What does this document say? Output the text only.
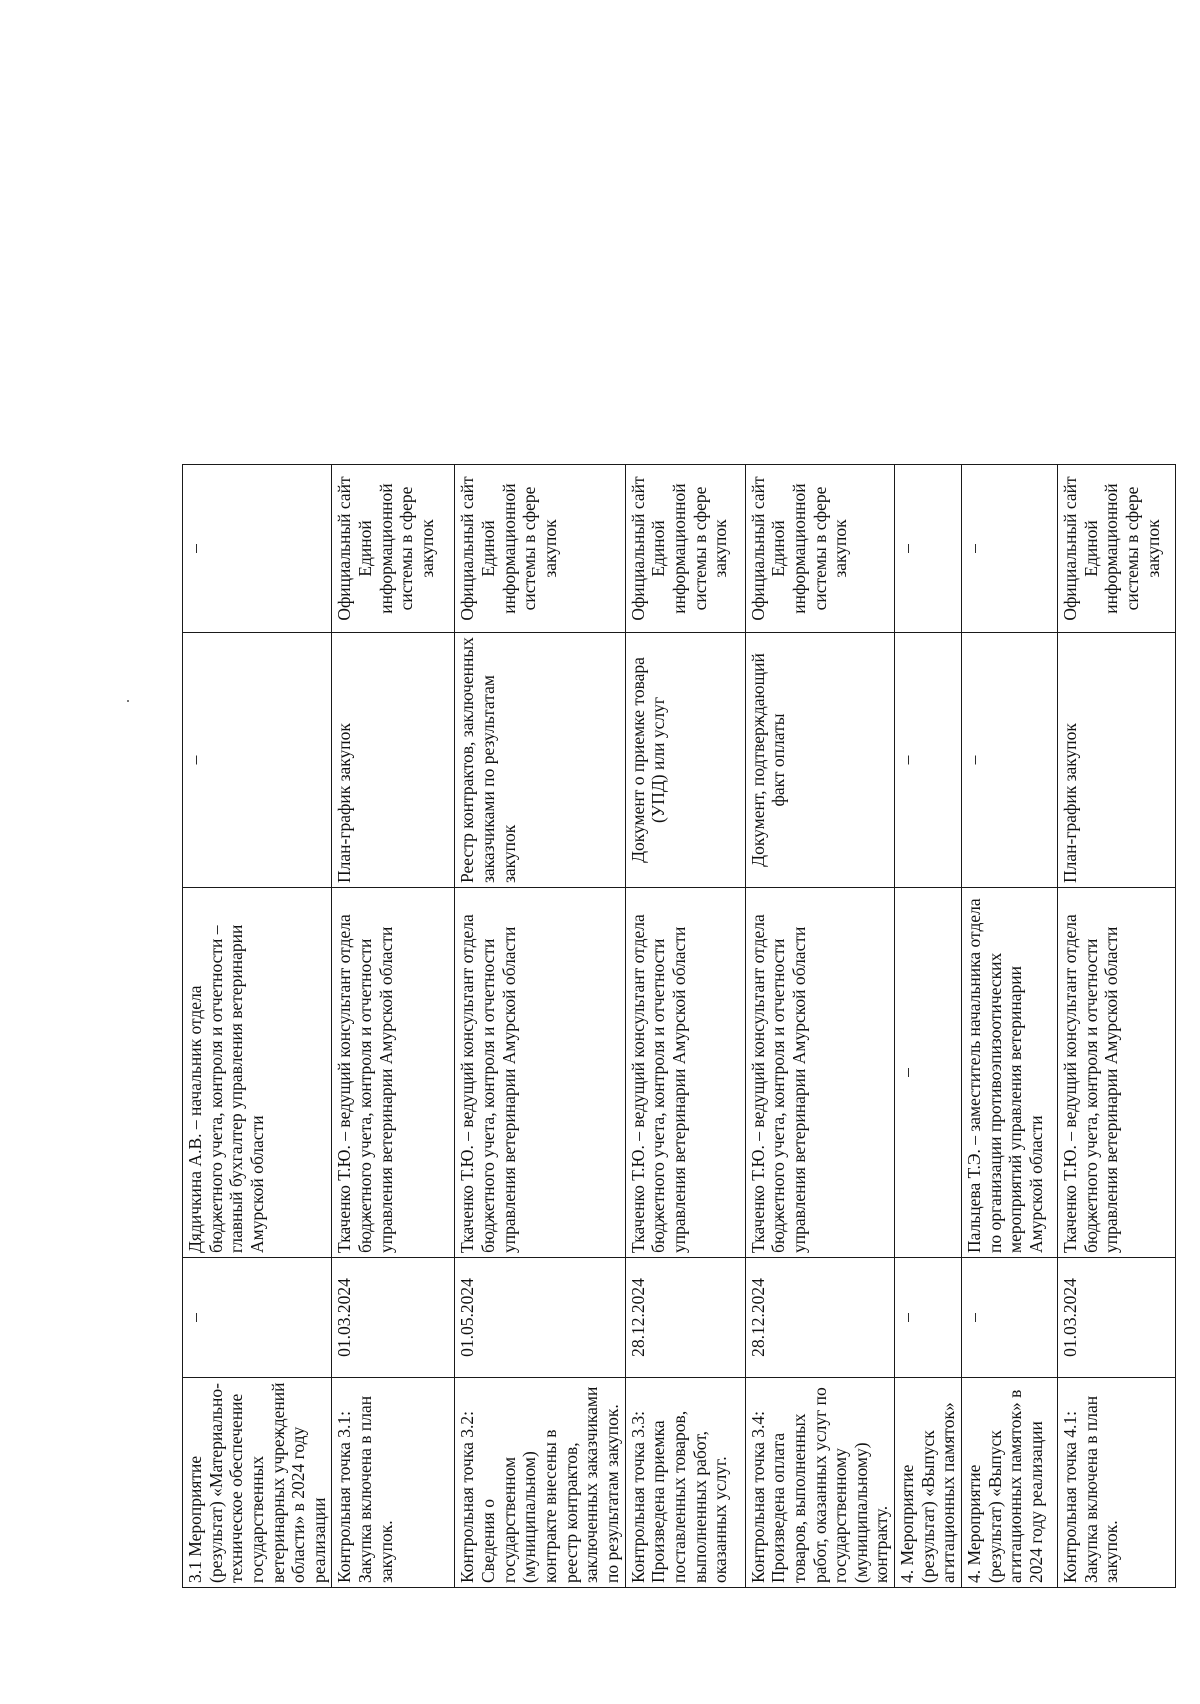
3.1 Мероприятие (результат) «Материально-техническое обеспечение государственных ветеринарных учреждений области» в 2024 году реализации	–	Дядичкина А.В. – начальник отдела бюджетного учета, контроля и отчетности – главный бухгалтер управления ветеринарии Амурской области	–	–
Контрольная точка 3.1: Закупка включена в план закупок.	01.03.2024	Ткаченко Т.Ю. – ведущий консультант отдела бюджетного учета, контроля и отчетности управления ветеринарии Амурской области	План-график закупок	Официальный сайт Единой информационной системы в сфере закупок
Контрольная точка 3.2: Сведения о государственном (муниципальном) контракте внесены в реестр контрактов, заключенных заказчиками по результатам закупок.	01.05.2024	Ткаченко Т.Ю. – ведущий консультант отдела бюджетного учета, контроля и отчетности управления ветеринарии Амурской области	Реестр контрактов, заключенных заказчиками по результатам закупок	Официальный сайт Единой информационной системы в сфере закупок
Контрольная точка 3.3: Произведена приемка поставленных товаров, выполненных работ, оказанных услуг.	28.12.2024	Ткаченко Т.Ю. – ведущий консультант отдела бюджетного учета, контроля и отчетности управления ветеринарии Амурской области	Документ о приемке товара (УПД) или услуг	Официальный сайт Единой информационной системы в сфере закупок
Контрольная точка 3.4: Произведена оплата товаров, выполненных работ, оказанных услуг по государственному (муниципальному) контракту.	28.12.2024	Ткаченко Т.Ю. – ведущий консультант отдела бюджетного учета, контроля и отчетности управления ветеринарии Амурской области	Документ, подтверждающий факт оплаты	Официальный сайт Единой информационной системы в сфере закупок
4. Мероприятие (результат) «Выпуск агитационных памяток»	–	–	–	–
4. Мероприятие (результат) «Выпуск агитационных памяток» в 2024 году реализации	–	Пальцева Т.Э. – заместитель начальника отдела по организации противоэпизоотических мероприятий управления ветеринарии Амурской области	–	–
Контрольная точка 4.1: Закупка включена в план закупок.	01.03.2024	Ткаченко Т.Ю. – ведущий консультант отдела бюджетного учета, контроля и отчетности управления ветеринарии Амурской области	План-график закупок	Официальный сайт Единой информационной системы в сфере закупок
